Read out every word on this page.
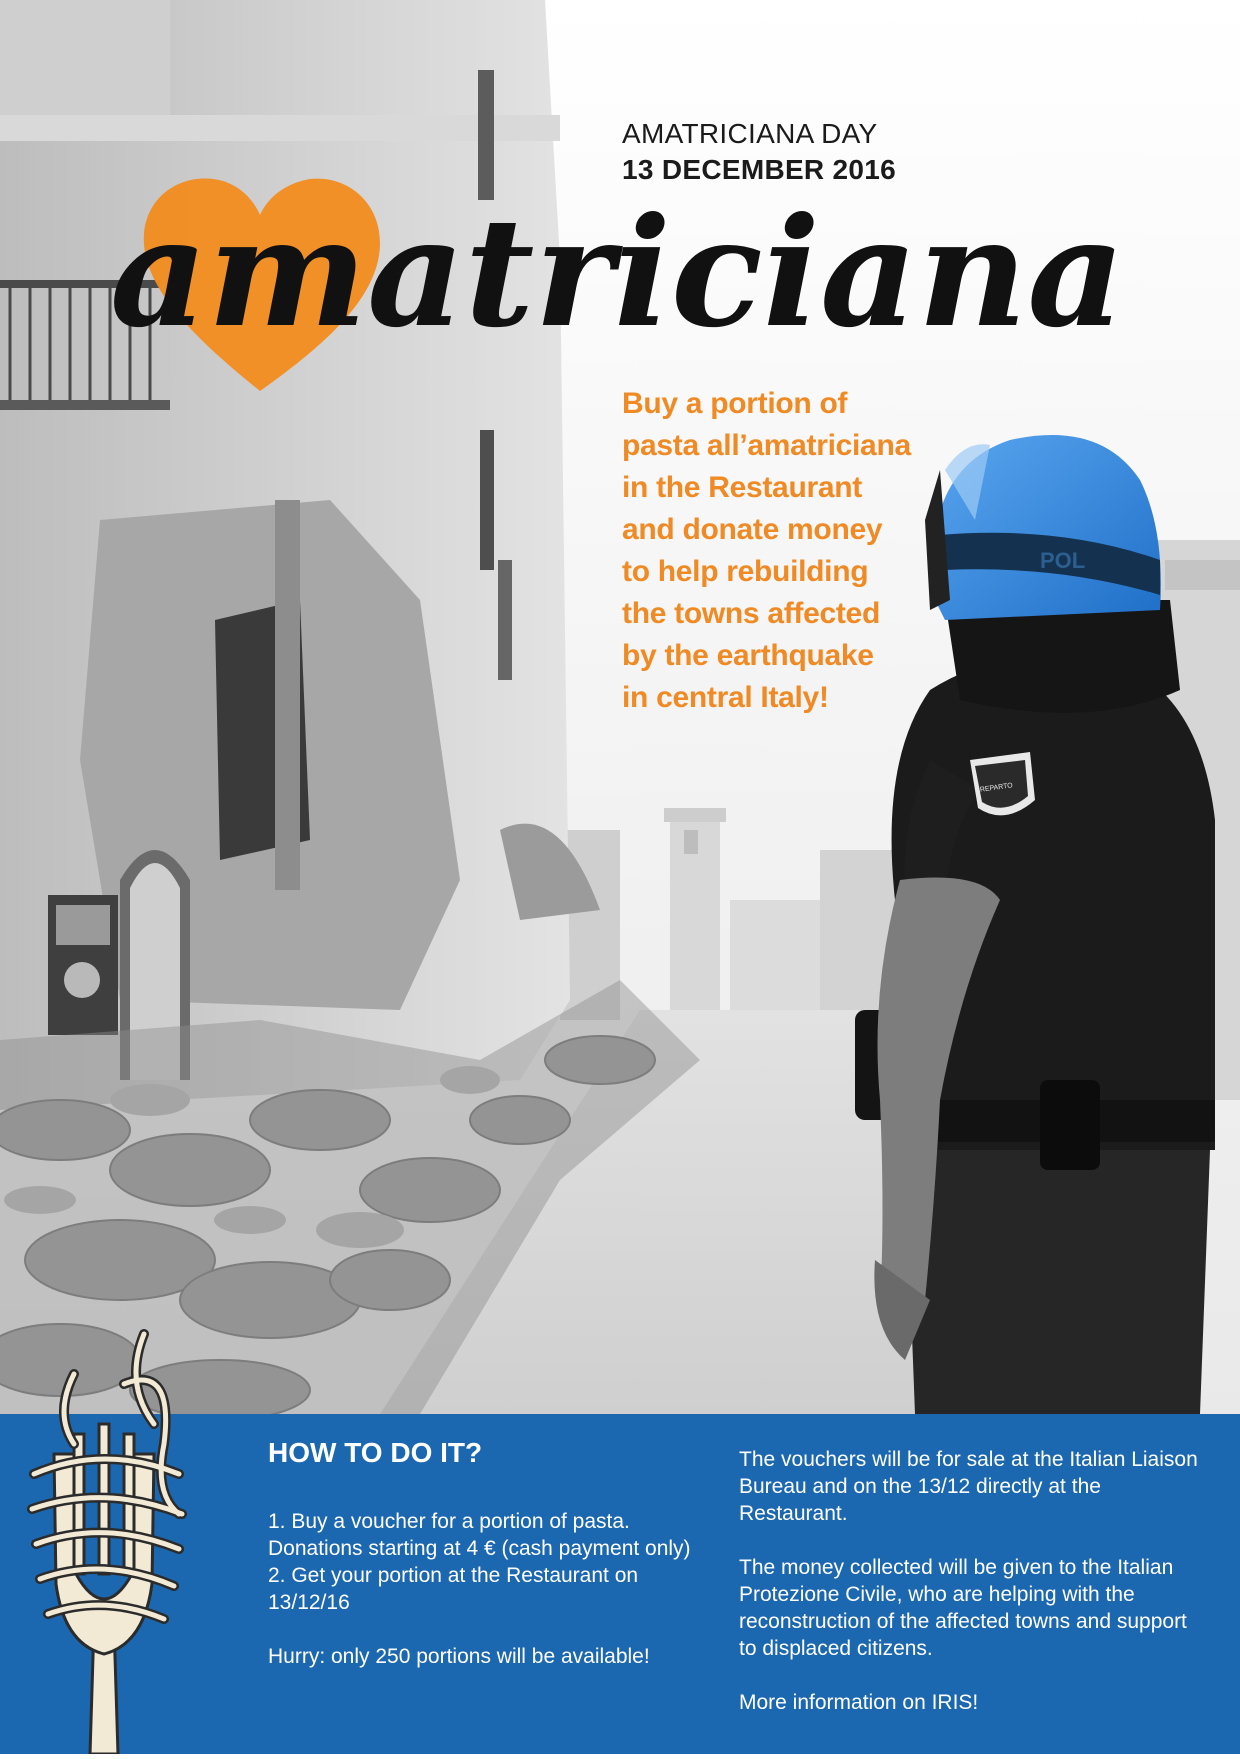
REPARTO
POL

AMATRICIANA DAY

13 DECEMBER 2016

amatriciana

Buy a portion of
pasta all’amatriciana
in the Restaurant
and donate money
to help rebuilding
the towns affected
by the earthquake
in central Italy!

HOW TO DO IT?

1. Buy a voucher for a portion of pasta. Donations starting at 4 € (cash payment only)

2. Get your portion at the Restaurant on 13/12/16

Hurry: only 250 portions will be available!

The vouchers will be for sale at the Italian Liaison Bureau and on the 13/12 directly at the Restaurant.

The money collected will be given to the Italian Protezione Civile, who are helping with the reconstruction of the affected towns and support to displaced citizens.

More information on IRIS!
